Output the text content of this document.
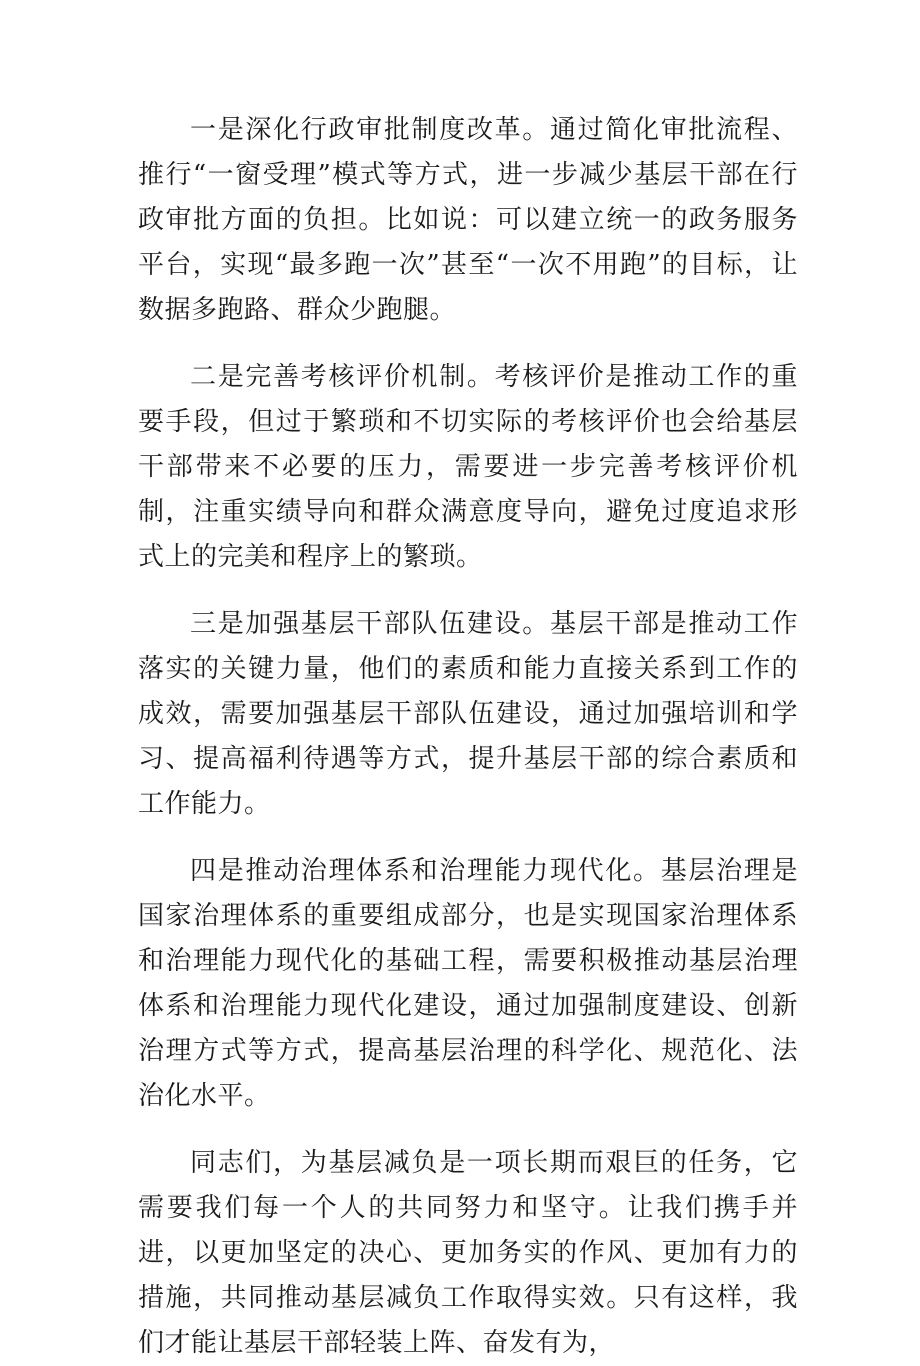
一是深化行政审批制度改革。通过简化审批流程、推行“一窗受理”模式等方式，进一步减少基层干部在行政审批方面的负担。比如说：可以建立统一的政务服务平台，实现“最多跑一次”甚至“一次不用跑”的目标，让数据多跑路、群众少跑腿。

二是完善考核评价机制。考核评价是推动工作的重要手段，但过于繁琐和不切实际的考核评价也会给基层干部带来不必要的压力，需要进一步完善考核评价机制，注重实绩导向和群众满意度导向，避免过度追求形式上的完美和程序上的繁琐。

三是加强基层干部队伍建设。基层干部是推动工作落实的关键力量，他们的素质和能力直接关系到工作的成效，需要加强基层干部队伍建设，通过加强培训和学习、提高福利待遇等方式，提升基层干部的综合素质和工作能力。

四是推动治理体系和治理能力现代化。基层治理是国家治理体系的重要组成部分，也是实现国家治理体系和治理能力现代化的基础工程，需要积极推动基层治理体系和治理能力现代化建设，通过加强制度建设、创新治理方式等方式，提高基层治理的科学化、规范化、法治化水平。

同志们，为基层减负是一项长期而艰巨的任务，它需要我们每一个人的共同努力和坚守。让我们携手并进，以更加坚定的决心、更加务实的作风、更加有力的措施，共同推动基层减负工作取得实效。只有这样，我们才能让基层干部轻装上阵、奋发有为，
